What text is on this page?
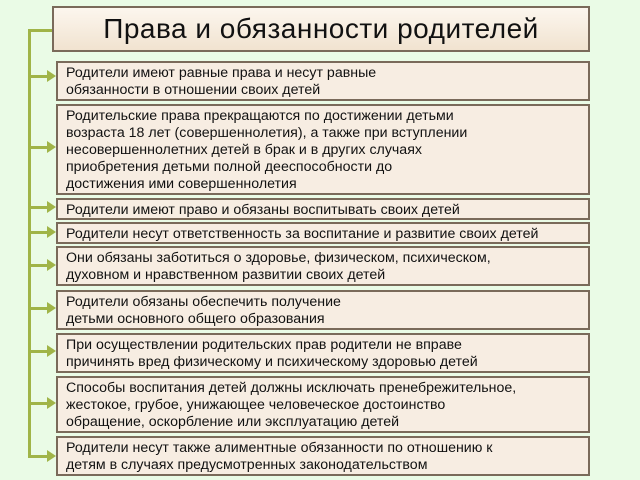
Права и обязанности родителей
Родители имеют равные права и несут равные
обязанности в отношении своих детей
Родительские права прекращаются по достижении детьми
возраста 18 лет (совершеннолетия), а также при вступлении
несовершеннолетних детей в брак и в других случаях
приобретения детьми полной дееспособности до
достижения ими совершеннолетия
Родители имеют право и обязаны воспитывать своих детей
Родители несут ответственность за воспитание и развитие своих детей
Они обязаны заботиться о здоровье, физическом, психическом,
духовном и нравственном развитии своих детей
Родители обязаны обеспечить получение
детьми основного общего образования
При осуществлении родительских прав родители не вправе
причинять вред физическому и психическому здоровью детей
Способы воспитания детей должны исключать пренебрежительное,
жестокое, грубое, унижающее человеческое достоинство
обращение, оскорбление или эксплуатацию детей
Родители несут также алиментные обязанности по отношению к
детям в случаях предусмотренных законодательством
